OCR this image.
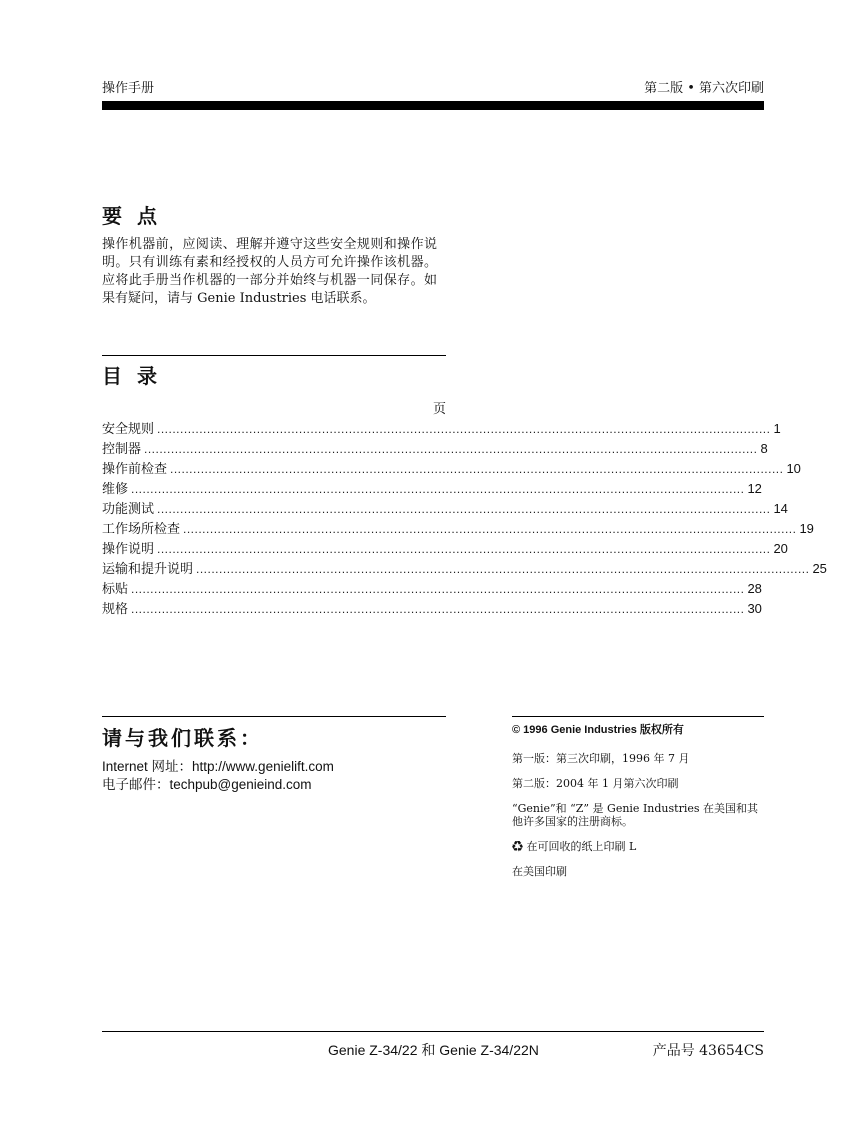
操作手册	第二版 • 第六次印刷
要 点
操作机器前，应阅读、理解并遵守这些安全规则和操作说明。只有训练有素和经授权的人员方可允许操作该机器。应将此手册当作机器的一部分并始终与机器一同保存。如果有疑问，请与 Genie Industries 电话联系。
目 录
页
安全规则 ................................................................................................................................................................ 1
控制器 ................................................................................................................................................................ 8
操作前检查 ................................................................................................................................................................ 10
维修 ................................................................................................................................................................ 12
功能测试 ................................................................................................................................................................ 14
工作场所检查 ................................................................................................................................................................ 19
操作说明 ................................................................................................................................................................ 20
运输和提升说明 ................................................................................................................................................................ 25
标贴 ................................................................................................................................................................ 28
规格 ................................................................................................................................................................ 30
请与我们联系：
Internet 网址：http://www.genielift.com
电子邮件：techpub@genieind.com
© 1996 Genie Industries 版权所有
第一版：第三次印刷，1996 年 7 月
第二版：2004 年 1 月第六次印刷
“Genie”和 “Z” 是 Genie Industries 在美国和其他许多国家的注册商标。
♻ 在可回收的纸上印刷 L
在美国印刷
Genie Z-34/22 和 Genie Z-34/22N	产品号 43654CS
